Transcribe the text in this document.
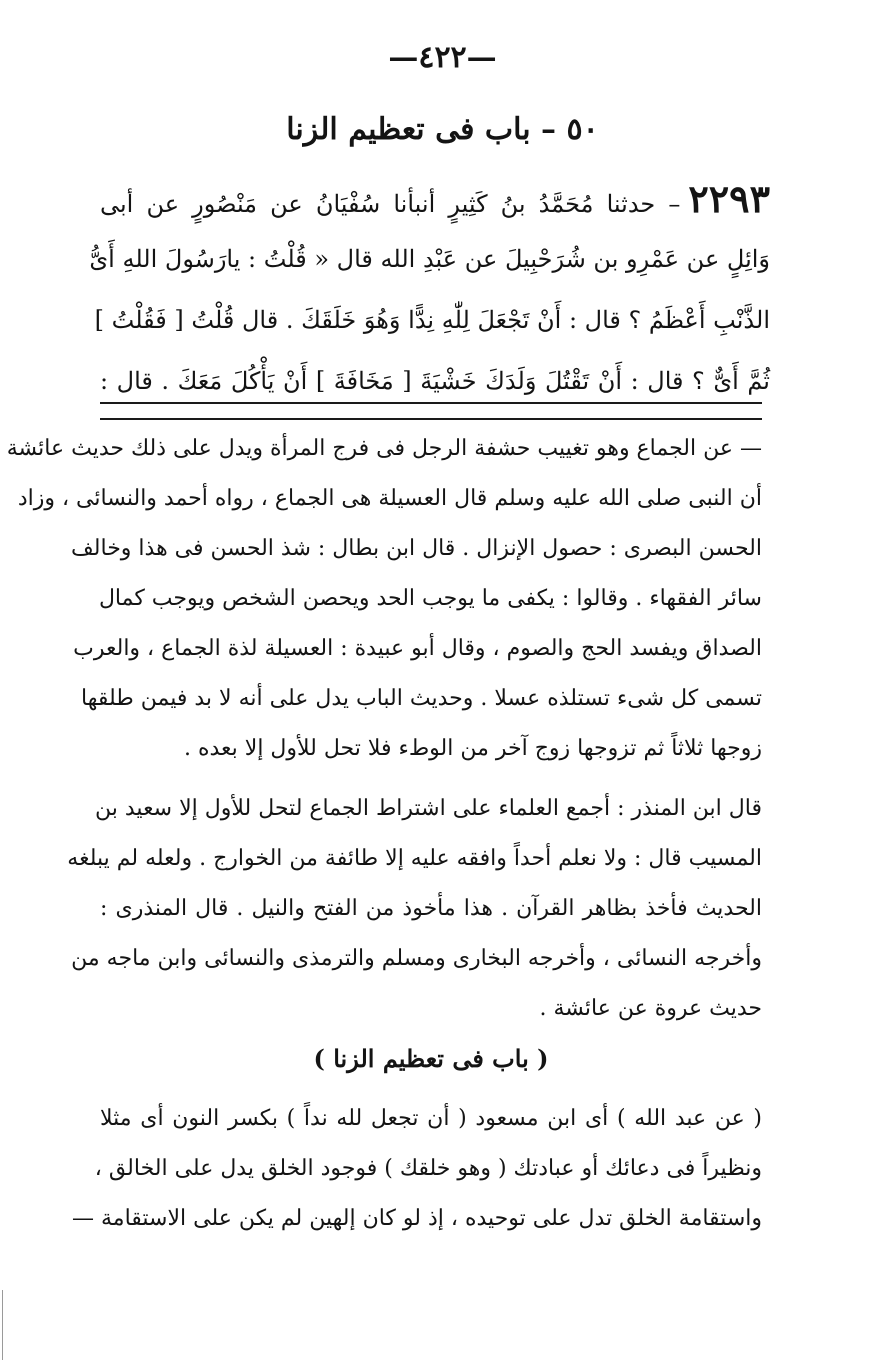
—٤٢٢—
٥٠ – باب فى تعظيم الزنا
٢٢٩٣– حدثنا مُحَمَّدُ بنُ كَثِيرٍ أنبأنا سُفْيَانُ عن مَنْصُورٍ عن أبى
وَائِلٍ عن عَمْرِو بن شُرَحْبِيلَ عن عَبْدِ الله قال « قُلْتُ : يارَسُولَ اللهِ أَىُّ
الذَّنْبِ أَعْظَمُ ؟ قال : أَنْ تَجْعَلَ لِلّٰهِ نِدًّا وَهُوَ خَلَقَكَ . قال قُلْتُ [ فَقُلْتُ ]
ثُمَّ أَىٌّ ؟ قال : أَنْ تَقْتُلَ وَلَدَكَ خَشْيَةَ [ مَخَافَةَ ] أَنْ يَأْكُلَ مَعَكَ . قال :
— عن الجماع وهو تغييب حشفة الرجل فى فرج المرأة ويدل على ذلك حديث عائشة
أن النبى صلى الله عليه وسلم قال العسيلة هى الجماع ، رواه أحمد والنسائى ، وزاد
الحسن البصرى : حصول الإنزال . قال ابن بطال : شذ الحسن فى هذا وخالف
سائر الفقهاء . وقالوا : يكفى ما يوجب الحد ويحصن الشخص ويوجب كمال
الصداق ويفسد الحج والصوم ، وقال أبو عبيدة : العسيلة لذة الجماع ، والعرب
تسمى كل شىء تستلذه عسلا . وحديث الباب يدل على أنه لا بد فيمن طلقها
زوجها ثلاثاً ثم تزوجها زوج آخر من الوطء فلا تحل للأول إلا بعده .
قال ابن المنذر : أجمع العلماء على اشتراط الجماع لتحل للأول إلا سعيد بن
المسيب قال : ولا نعلم أحداً وافقه عليه إلا طائفة من الخوارج . ولعله لم يبلغه
الحديث فأخذ بظاهر القرآن . هذا مأخوذ من الفتح والنيل . قال المنذرى :
وأخرجه النسائى ، وأخرجه البخارى ومسلم والترمذى والنسائى وابن ماجه من
حديث عروة عن عائشة .
( باب فى تعظيم الزنا )
( عن عبد الله ) أى ابن مسعود ( أن تجعل لله نداً ) بكسر النون أى مثلا
ونظيراً فى دعائك أو عبادتك ( وهو خلقك ) فوجود الخلق يدل على الخالق ،
واستقامة الخلق تدل على توحيده ، إذ لو كان إلهين لم يكن على الاستقامة —
